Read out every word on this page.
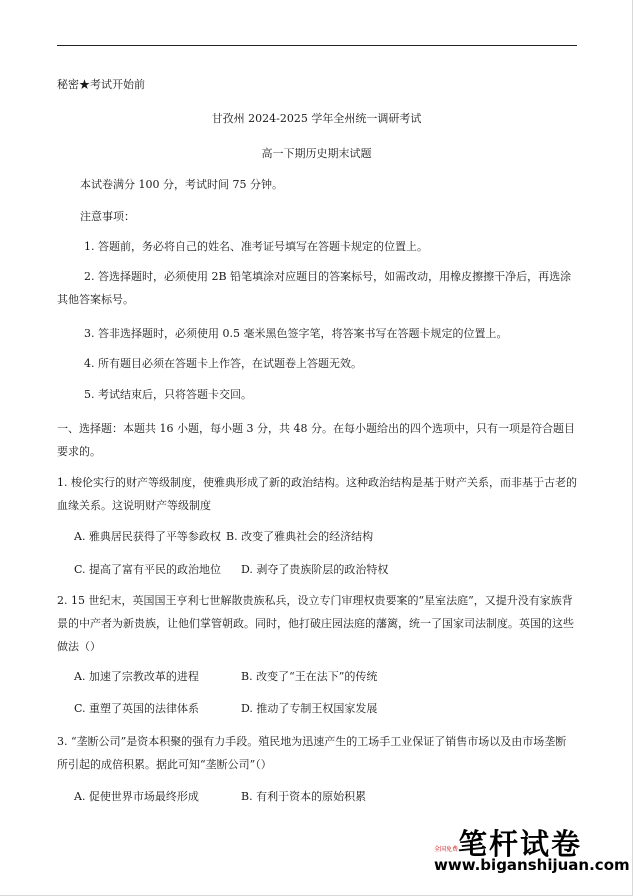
秘密★考试开始前
甘孜州 2024-2025 学年全州统一调研考试
高一下期历史期末试题
本试卷满分 100 分，考试时间 75 分钟。
注意事项：
1. 答题前，务必将自己的姓名、准考证号填写在答题卡规定的位置上。
2. 答选择题时，必须使用 2B 铅笔填涂对应题目的答案标号，如需改动，用橡皮擦擦干净后，再选涂其他答案标号。
3. 答非选择题时，必须使用 0.5 毫米黑色签字笔，将答案书写在答题卡规定的位置上。
4. 所有题目必须在答题卡上作答，在试题卷上答题无效。
5. 考试结束后，只将答题卡交回。
一、选择题：本题共 16 小题，每小题 3 分，共 48 分。在每小题给出的四个选项中，只有一项是符合题目要求的。
1. 梭伦实行的财产等级制度，使雅典形成了新的政治结构。这种政治结构是基于财产关系，而非基于古老的血缘关系。这说明财产等级制度
A. 雅典居民获得了平等参政权 B. 改变了雅典社会的经济结构
C. 提高了富有平民的政治地位 D. 剥夺了贵族阶层的政治特权
2. 15 世纪末，英国国王亨利七世解散贵族私兵，设立专门审理权贵要案的“星室法庭”，又提升没有家族背景的中产者为新贵族，让他们掌管朝政。同时，他打破庄园法庭的藩篱，统一了国家司法制度。英国的这些做法（）
A. 加速了宗教改革的进程	B. 改变了“王在法下”的传统
C. 重塑了英国的法律体系	D. 推动了专制王权国家发展
3. “垄断公司”是资本积聚的强有力手段。殖民地为迅速产生的工场手工业保证了销售市场以及由市场垄断所引起的成倍积累。据此可知“垄断公司”（）
A. 促使世界市场最终形成	B. 有利于资本的原始积累
笔杆试卷
全国免费
www.biganshijuan.com
